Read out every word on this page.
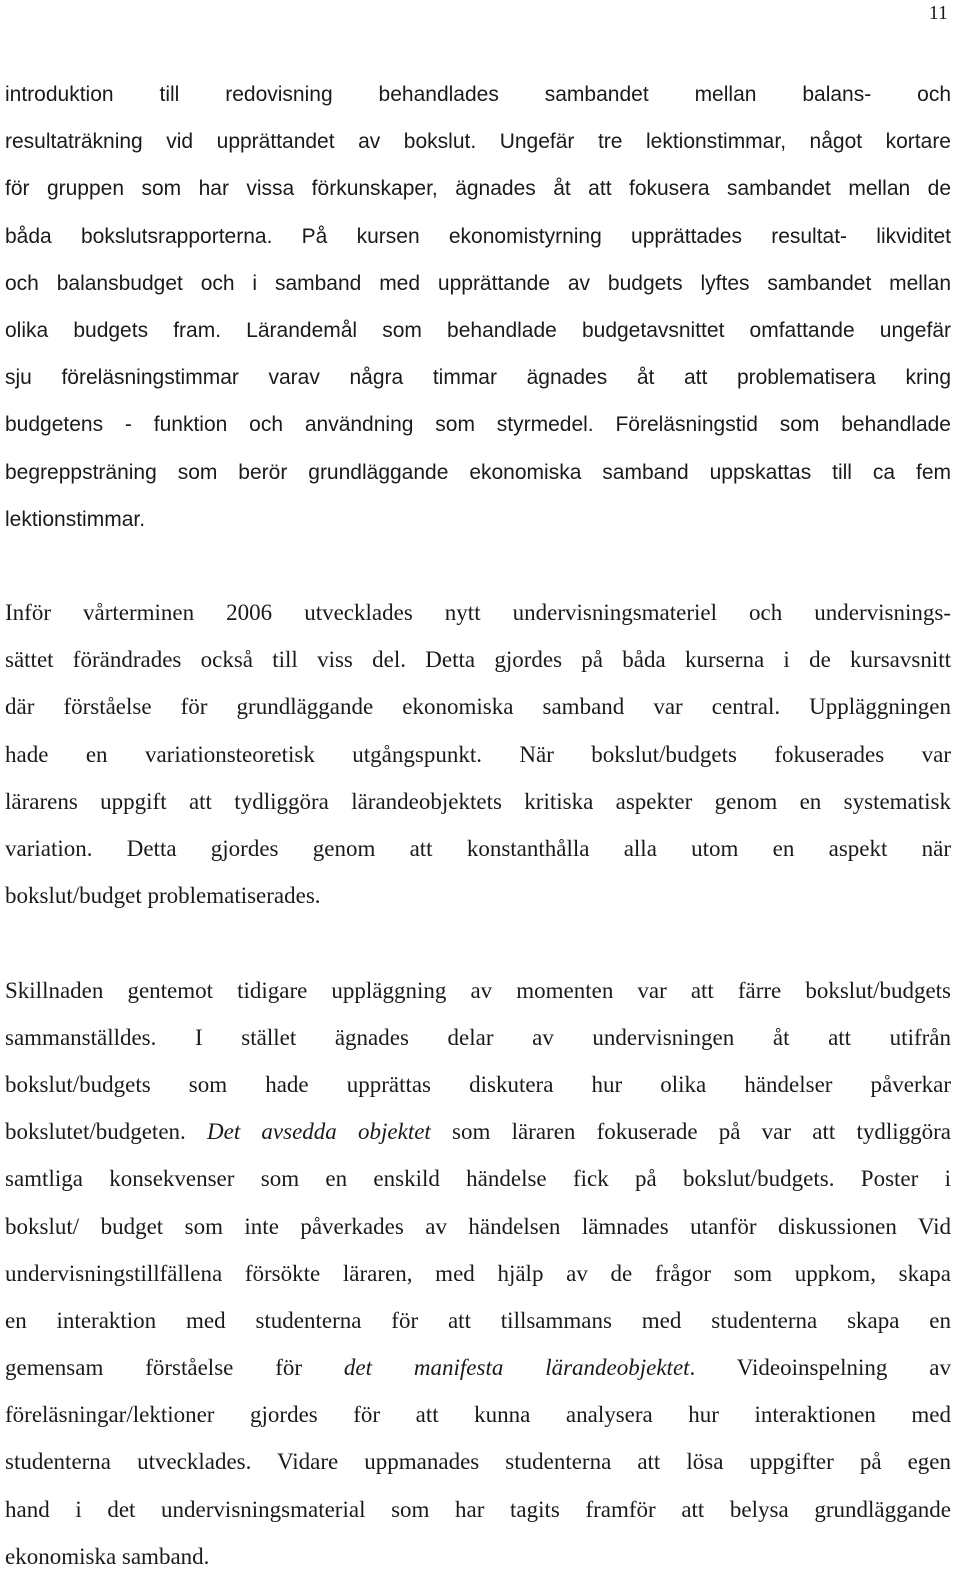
11
introduktion till redovisning behandlades sambandet mellan balans- och
resultaträkning vid upprättandet av bokslut. Ungefär tre lektionstimmar, något kortare
för gruppen som har vissa förkunskaper, ägnades åt att fokusera sambandet mellan de
båda bokslutsrapporterna. På kursen ekonomistyrning upprättades resultat- likviditet
och balansbudget och i samband med upprättande av budgets lyftes sambandet mellan
olika budgets fram. Lärandemål som behandlade budgetavsnittet omfattande ungefär
sju föreläsningstimmar varav några timmar ägnades åt att problematisera kring
budgetens - funktion och användning som styrmedel. Föreläsningstid som behandlade
begreppsträning som berör grundläggande ekonomiska samband uppskattas till ca fem
lektionstimmar.
Inför vårterminen 2006 utvecklades nytt undervisningsmateriel och undervisnings-
sättet förändrades också till viss del. Detta gjordes på båda kurserna i de kursavsnitt
där förståelse för grundläggande ekonomiska samband var central. Uppläggningen
hade en variationsteoretisk utgångspunkt. När bokslut/budgets fokuserades var
lärarens uppgift att tydliggöra lärandeobjektets kritiska aspekter genom en systematisk
variation. Detta gjordes genom att konstanthålla alla utom en aspekt när
bokslut/budget problematiserades.
Skillnaden gentemot tidigare uppläggning av momenten var att färre bokslut/budgets
sammanställdes. I stället ägnades delar av undervisningen åt att utifrån
bokslut/budgets som hade upprättas diskutera hur olika händelser påverkar
bokslutet/budgeten. Det avsedda objektet som läraren fokuserade på var att tydliggöra
samtliga konsekvenser som en enskild händelse fick på bokslut/budgets. Poster i
bokslut/ budget som inte påverkades av händelsen lämnades utanför diskussionen Vid
undervisningstillfällena försökte läraren, med hjälp av de frågor som uppkom, skapa
en interaktion med studenterna för att tillsammans med studenterna skapa en
gemensam förståelse för det manifesta lärandeobjektet. Videoinspelning av
föreläsningar/lektioner gjordes för att kunna analysera hur interaktionen med
studenterna utvecklades. Vidare uppmanades studenterna att lösa uppgifter på egen
hand i det undervisningsmaterial som har tagits framför att belysa grundläggande
ekonomiska samband.
